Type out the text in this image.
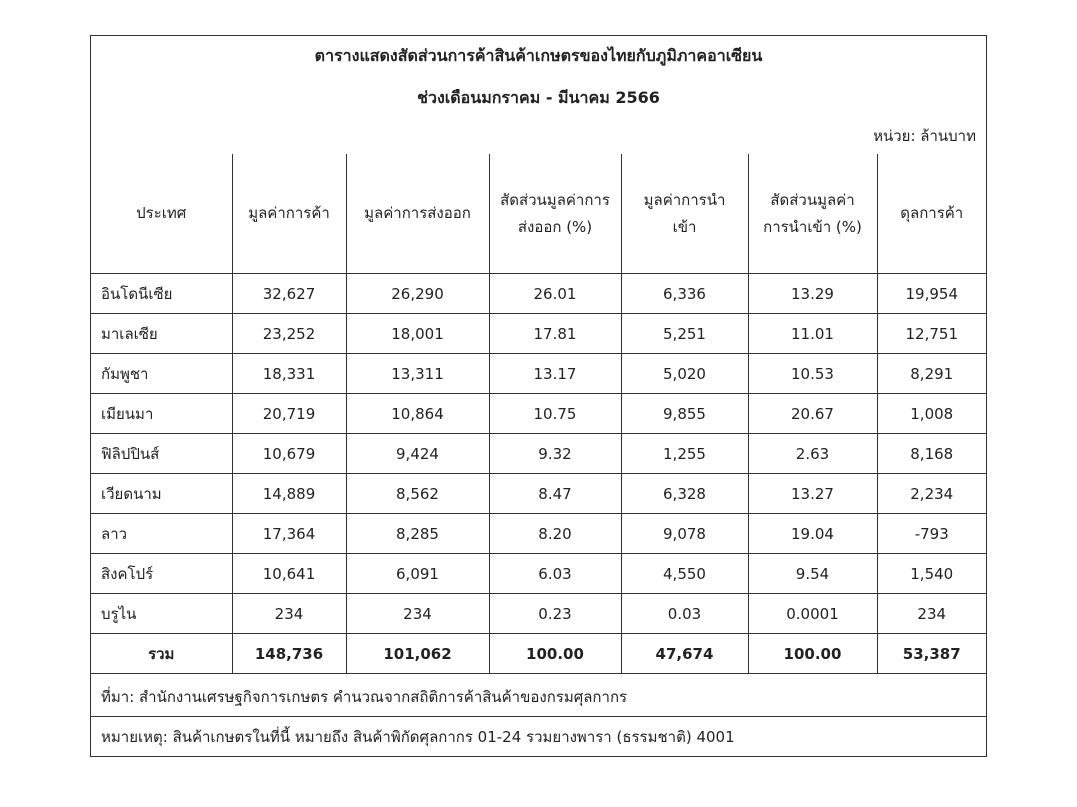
ตารางแสดงสัดส่วนการค้าสินค้าเกษตรของไทยกับภูมิภาคอาเซียน
ช่วงเดือนมกราคม - มีนาคม 2566
หน่วย: ล้านบาท
ประเทศ	มูลค่าการค้า	มูลค่าการส่งออก	สัดส่วนมูลค่าการส่งออก (%)	มูลค่าการนำเข้า	สัดส่วนมูลค่าการนำเข้า (%)	ดุลการค้า
อินโดนีเซีย	32,627	26,290	26.01	6,336	13.29	19,954
มาเลเซีย	23,252	18,001	17.81	5,251	11.01	12,751
กัมพูชา	18,331	13,311	13.17	5,020	10.53	8,291
เมียนมา	20,719	10,864	10.75	9,855	20.67	1,008
ฟิลิปปินส์	10,679	9,424	9.32	1,255	2.63	8,168
เวียดนาม	14,889	8,562	8.47	6,328	13.27	2,234
ลาว	17,364	8,285	8.20	9,078	19.04	-793
สิงคโปร์	10,641	6,091	6.03	4,550	9.54	1,540
บรูไน	234	234	0.23	0.03	0.0001	234
รวม	148,736	101,062	100.00	47,674	100.00	53,387
ที่มา: สำนักงานเศรษฐกิจการเกษตร คำนวณจากสถิติการค้าสินค้าของกรมศุลกากร
หมายเหตุ: สินค้าเกษตรในที่นี้ หมายถึง สินค้าพิกัดศุลกากร 01-24 รวมยางพารา (ธรรมชาติ) 4001
